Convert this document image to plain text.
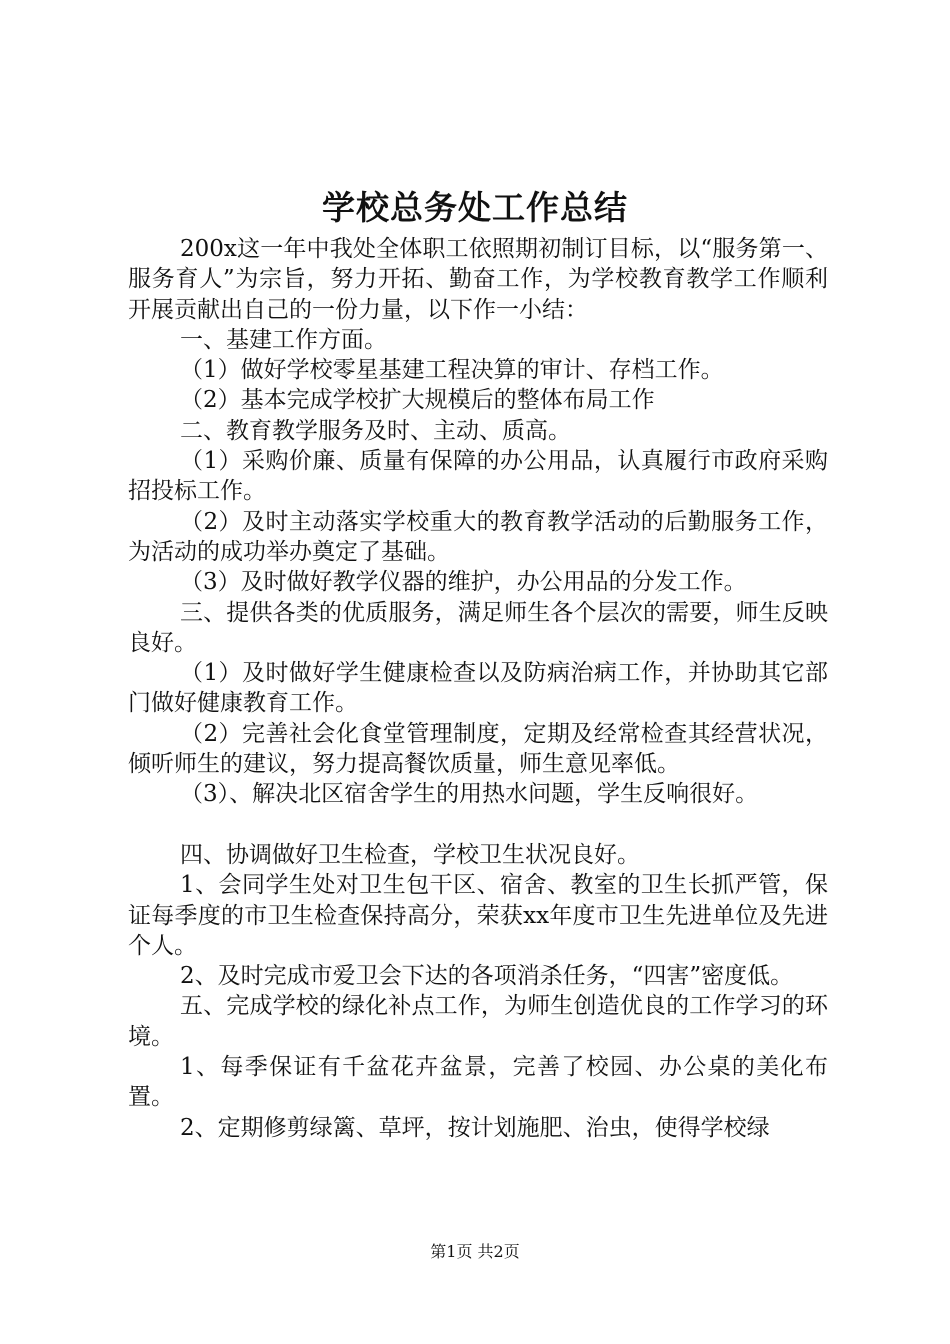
学校总务处工作总结

200x这一年中我处全体职工依照期初制订目标，以“服务第一、服务育人”为宗旨，努力开拓、勤奋工作，为学校教育教学工作顺利开展贡献出自己的一份力量，以下作一小结：

一、基建工作方面。

（1）做好学校零星基建工程决算的审计、存档工作。

（2）基本完成学校扩大规模后的整体布局工作

二、教育教学服务及时、主动、质高。

（1）采购价廉、质量有保障的办公用品，认真履行市政府采购招投标工作。

（2）及时主动落实学校重大的教育教学活动的后勤服务工作，为活动的成功举办奠定了基础。

（3）及时做好教学仪器的维护，办公用品的分发工作。

三、提供各类的优质服务，满足师生各个层次的需要，师生反映良好。

（1）及时做好学生健康检查以及防病治病工作，并协助其它部门做好健康教育工作。

（2）完善社会化食堂管理制度，定期及经常检查其经营状况，倾听师生的建议，努力提高餐饮质量，师生意见率低。

（3）、解决北区宿舍学生的用热水问题，学生反响很好。

四、协调做好卫生检查，学校卫生状况良好。

1、会同学生处对卫生包干区、宿舍、教室的卫生长抓严管，保证每季度的市卫生检查保持高分，荣获xx年度市卫生先进单位及先进个人。

2、及时完成市爱卫会下达的各项消杀任务，“四害”密度低。

五、完成学校的绿化补点工作，为师生创造优良的工作学习的环境。

1、每季保证有千盆花卉盆景，完善了校园、办公桌的美化布置。

2、定期修剪绿篱、草坪，按计划施肥、治虫，使得学校绿

第1页 共2页
